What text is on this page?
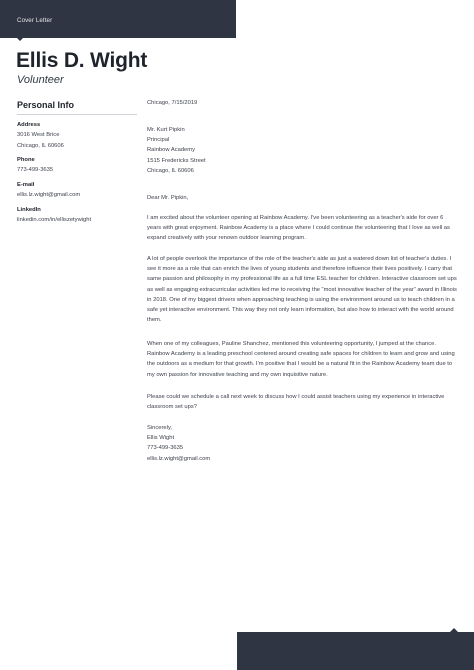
Cover Letter
Ellis D. Wight
Volunteer
Personal Info
Address
3016 West Brice
Chicago, IL 60606
Phone
773-499-3635
E-mail
ellis.lz.wight@gmail.com
LinkedIn
linkedin.com/in/elliszetywight
Chicago, 7/15/2019
Mr. Kurt Pipkin
Principal
Rainbow Academy
1515 Fredericks Street
Chicago, IL 60606
Dear Mr. Pipkin,
I am excited about the volunteer opening at Rainbow Academy. I've been volunteering as a teacher's aide for over 6 years with great enjoyment. Rainbow Academy is a place where I could continue the volunteering that I love as well as expand creatively with your renown outdoor learning program.
A lot of people overlook the importance of the role of the teacher's aide as just a watered down list of teacher's duties. I see it more as a role that can enrich the lives of young students and therefore influence their lives positively. I carry that same passion and philosophy in my professional life as a full time ESL teacher for children. Interactive classroom set ups as well as engaging extracurricular activities led me to receiving the “most innovative teacher of the year” award in Illinois in 2018. One of my biggest drivers when approaching teaching is using the environment around us to teach children in a safe yet interactive environment. This way they not only learn information, but also how to interact with the world around them.
When one of my colleagues, Pauline Shanchez, mentioned this volunteering opportunity, I jumped at the chance. Rainbow Academy is a leading preschool centered around creating safe spaces for children to learn and grow and using the outdoors as a medium for that growth. I’m positive that I would be a natural fit in the Rainbow Academy team due to my own passion for innovative teaching and my own inquisitive nature.
Please could we schedule a call next week to discuss how I could assist teachers using my experience in interactive classroom set ups?
Sincerely,
Ellis Wight
773-499-3635
ellis.lz.wight@gmail.com
